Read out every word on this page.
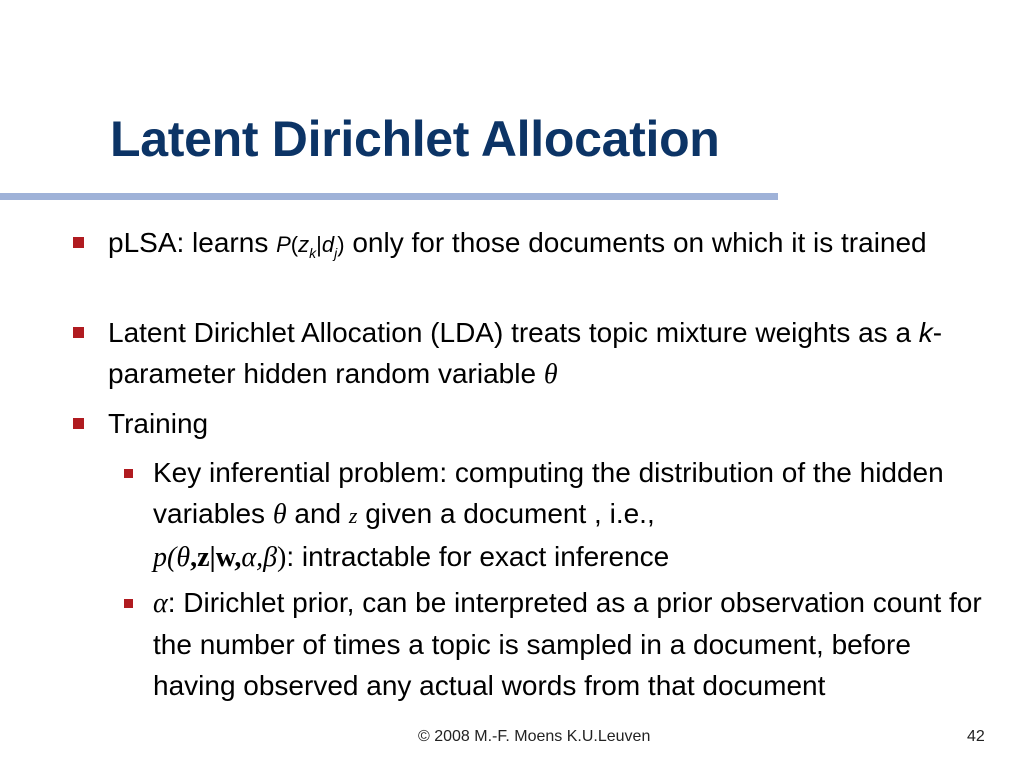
Latent Dirichlet Allocation
pLSA: learns $P(z_k|d_j)$ only for those documents on which it is trained
Latent Dirichlet Allocation (LDA) treats topic mixture weights as a k-parameter hidden random variable θ
Training
Key inferential problem: computing the distribution of the hidden variables θ and z given a document , i.e.,
p(θ,z|w,α,β): intractable for exact inference
α: Dirichlet prior, can be interpreted as a prior observation count for the number of times a topic is sampled in a document, before having observed any actual words from that document
© 2008 M.-F. Moens K.U.Leuven	42
